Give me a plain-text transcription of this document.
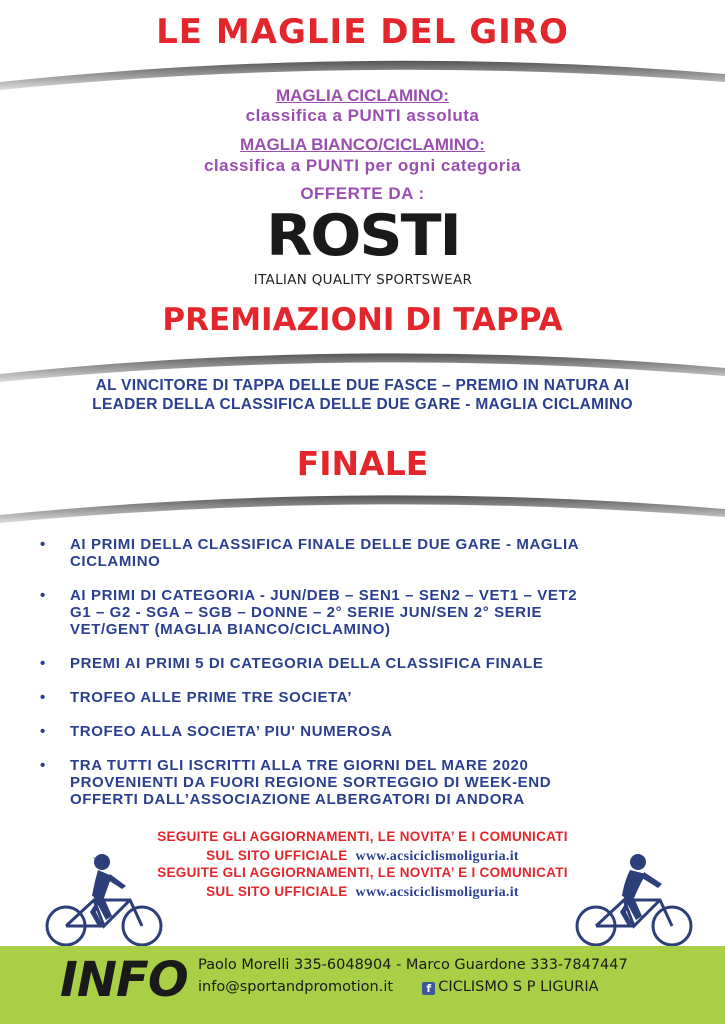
LE MAGLIE DEL GIRO
MAGLIA CICLAMINO:
classifica a PUNTI assoluta
MAGLIA BIANCO/CICLAMINO:
classifica a PUNTI per ogni categoria
OFFERTE DA :
ROSTI
ITALIAN QUALITY SPORTSWEAR
PREMIAZIONI DI TAPPA
AL VINCITORE DI TAPPA DELLE DUE FASCE – PREMIO IN NATURA AI
LEADER DELLA CLASSIFICA DELLE DUE GARE - MAGLIA CICLAMINO
FINALE
• AI PRIMI DELLA CLASSIFICA FINALE DELLE DUE GARE - MAGLIA
CICLAMINO
• AI PRIMI DI CATEGORIA - JUN/DEB – SEN1 – SEN2 – VET1 – VET2
G1 – G2 - SGA – SGB – DONNE – 2° SERIE JUN/SEN 2° SERIE
VET/GENT (MAGLIA BIANCO/CICLAMINO)
• PREMI AI PRIMI 5 DI CATEGORIA DELLA CLASSIFICA FINALE
• TROFEO ALLE PRIME TRE SOCIETA’
• TROFEO ALLA SOCIETA’ PIU' NUMEROSA
• TRA TUTTI GLI ISCRITTI ALLA TRE GIORNI DEL MARE 2020
PROVENIENTI DA FUORI REGIONE SORTEGGIO DI WEEK-END
OFFERTI DALL’ASSOCIAZIONE ALBERGATORI DI ANDORA
SEGUITE GLI AGGIORNAMENTI, LE NOVITA’ E I COMUNICATI
SUL SITO UFFICIALE www.acsiciclismoliguria.it
SEGUITE GLI AGGIORNAMENTI, LE NOVITA’ E I COMUNICATI
SUL SITO UFFICIALE www.acsiciclismoliguria.it
INFO Paolo Morelli 335-6048904 - Marco Guardone 333-7847447
info@sportandpromotion.it	f CICLISMO S P LIGURIA
